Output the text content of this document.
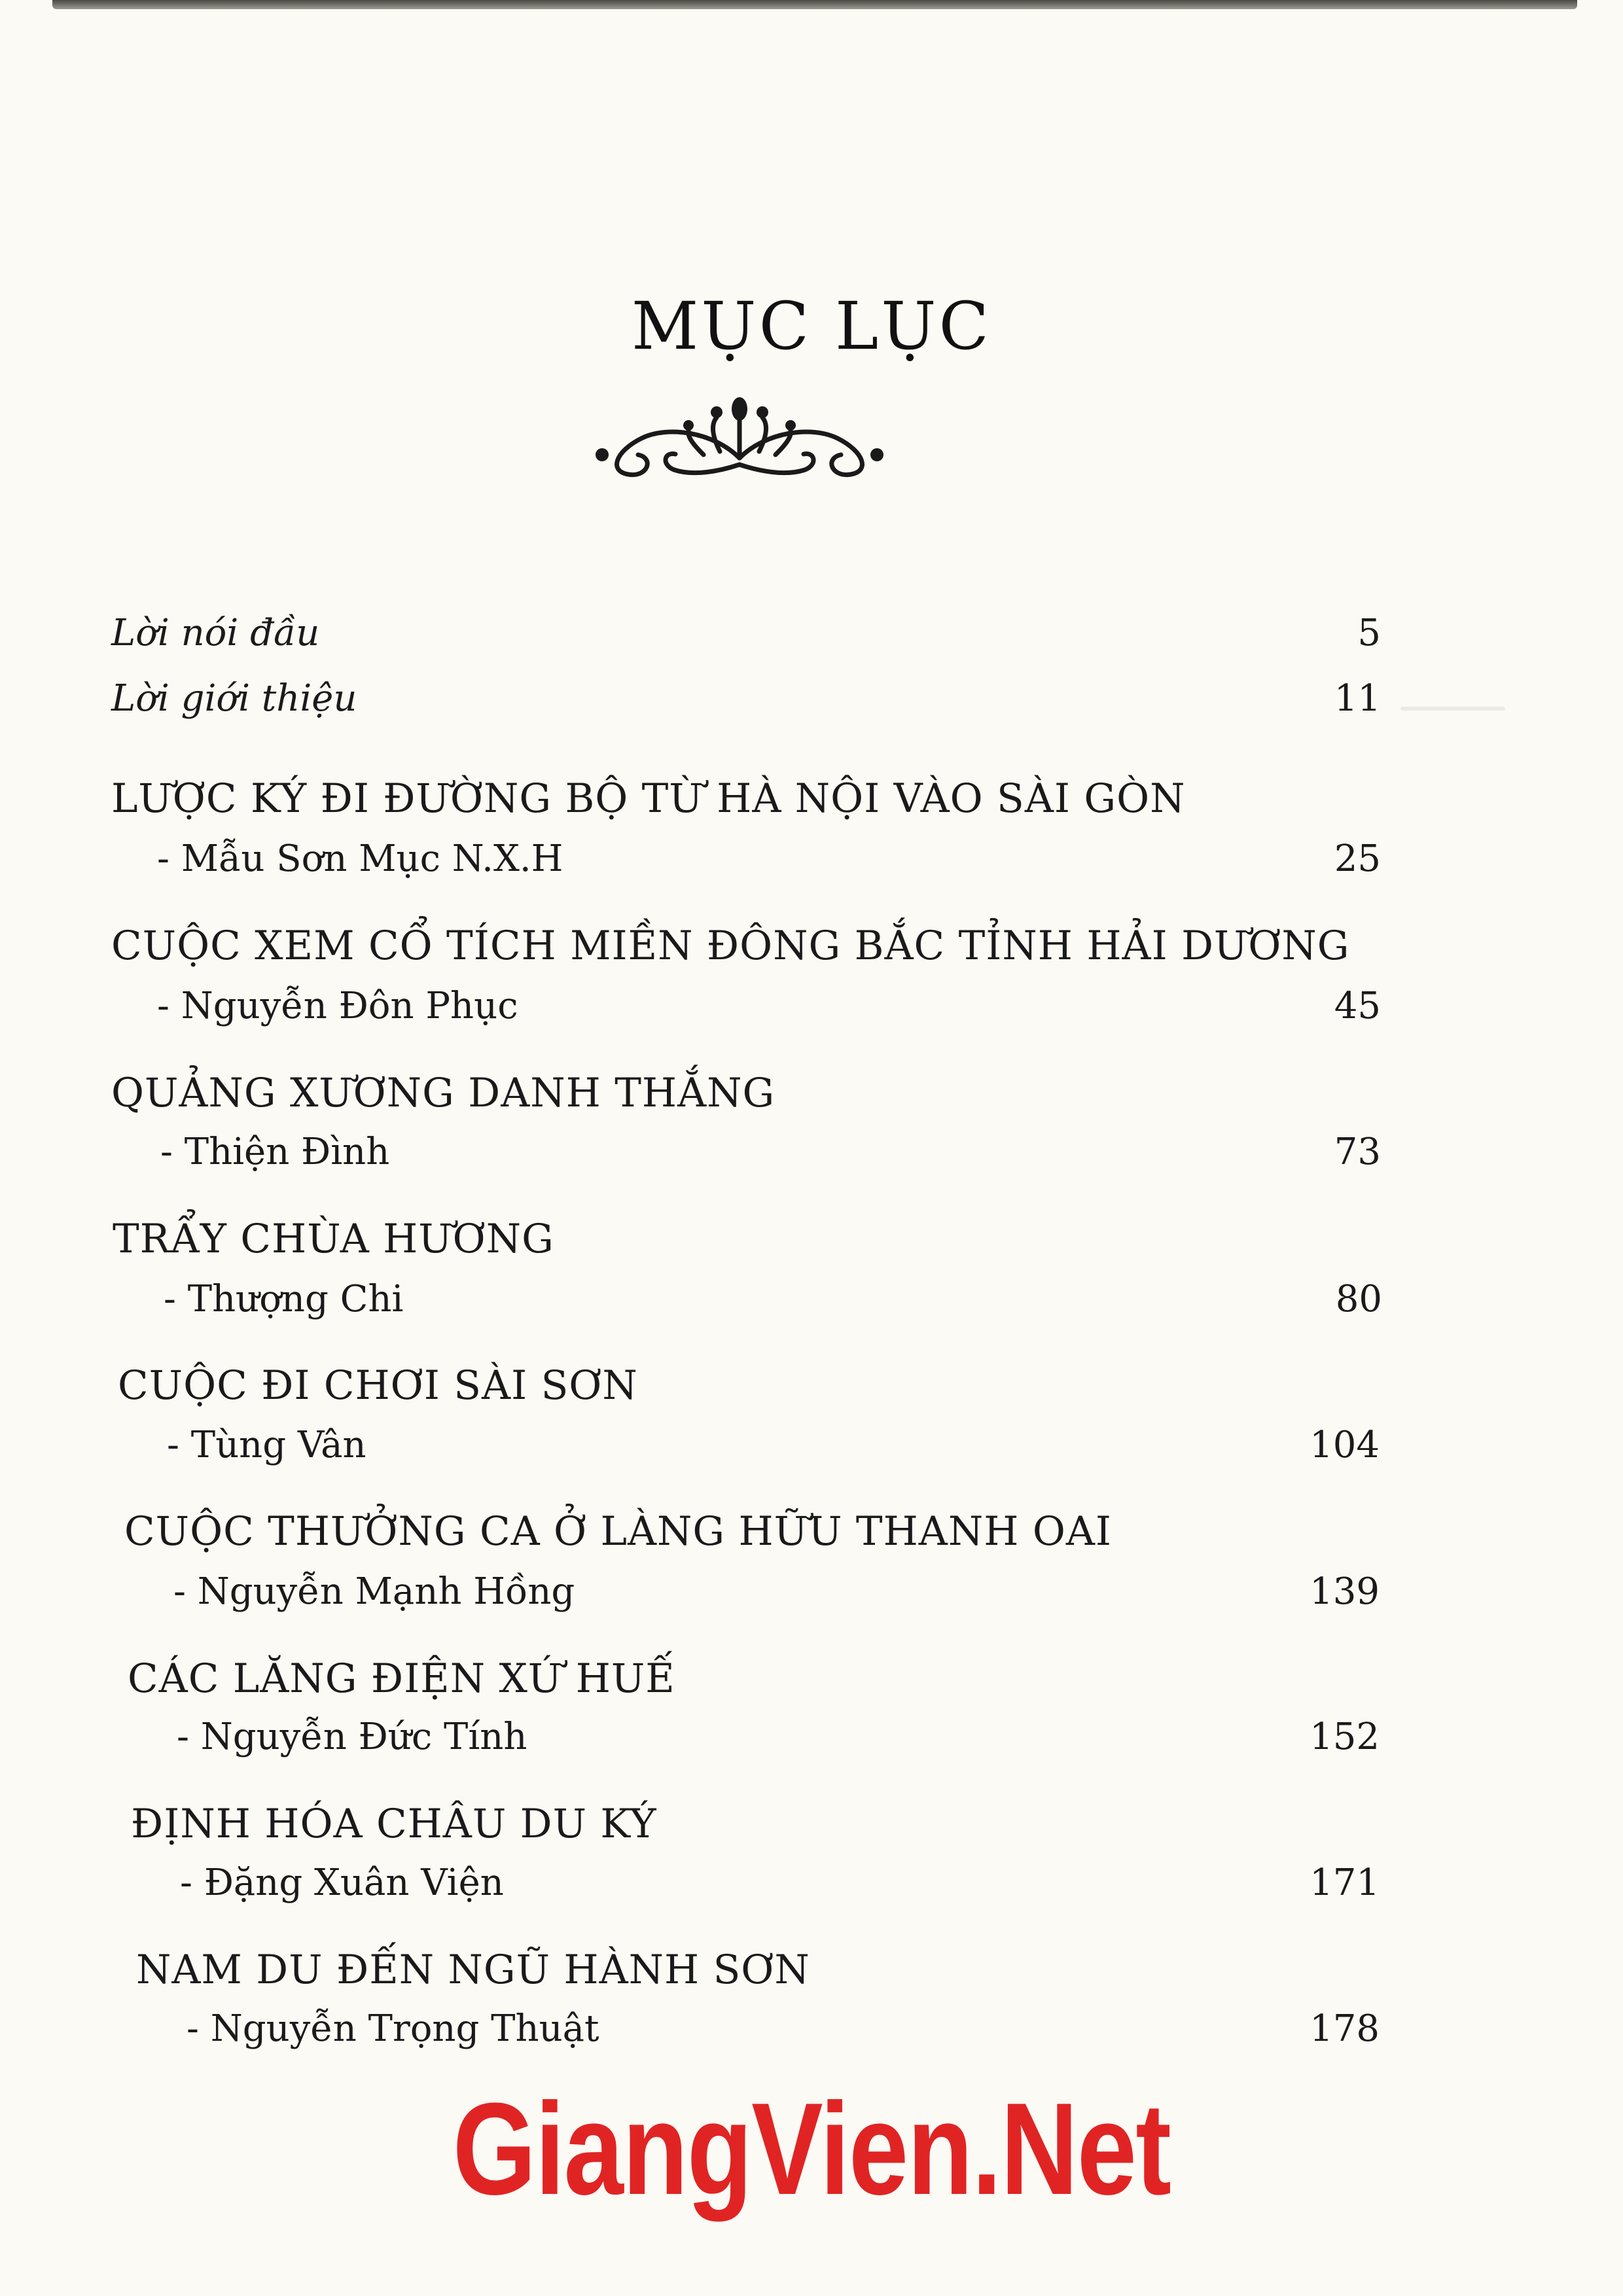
MỤC LỤC
Lời nói đầu	5
Lời giới thiệu	11
LƯỢC KÝ ĐI ĐƯỜNG BỘ TỪ HÀ NỘI VÀO SÀI GÒN
- Mẫu Sơn Mục N.X.H	25
CUỘC XEM CỔ TÍCH MIỀN ĐÔNG BẮC TỈNH HẢI DƯƠNG
- Nguyễn Đôn Phục	45
QUẢNG XƯƠNG DANH THẮNG
- Thiện Đình	73
TRẨY CHÙA HƯƠNG
- Thượng Chi	80
CUỘC ĐI CHƠI SÀI SƠN
- Tùng Vân	104
CUỘC THƯỞNG CA Ở LÀNG HỮU THANH OAI
- Nguyễn Mạnh Hồng	139
CÁC LĂNG ĐIỆN XỨ HUẾ
- Nguyễn Đức Tính	152
ĐỊNH HÓA CHÂU DU KÝ
- Đặng Xuân Viện	171
NAM DU ĐẾN NGŨ HÀNH SƠN
- Nguyễn Trọng Thuật	178
GiangVien.Net
